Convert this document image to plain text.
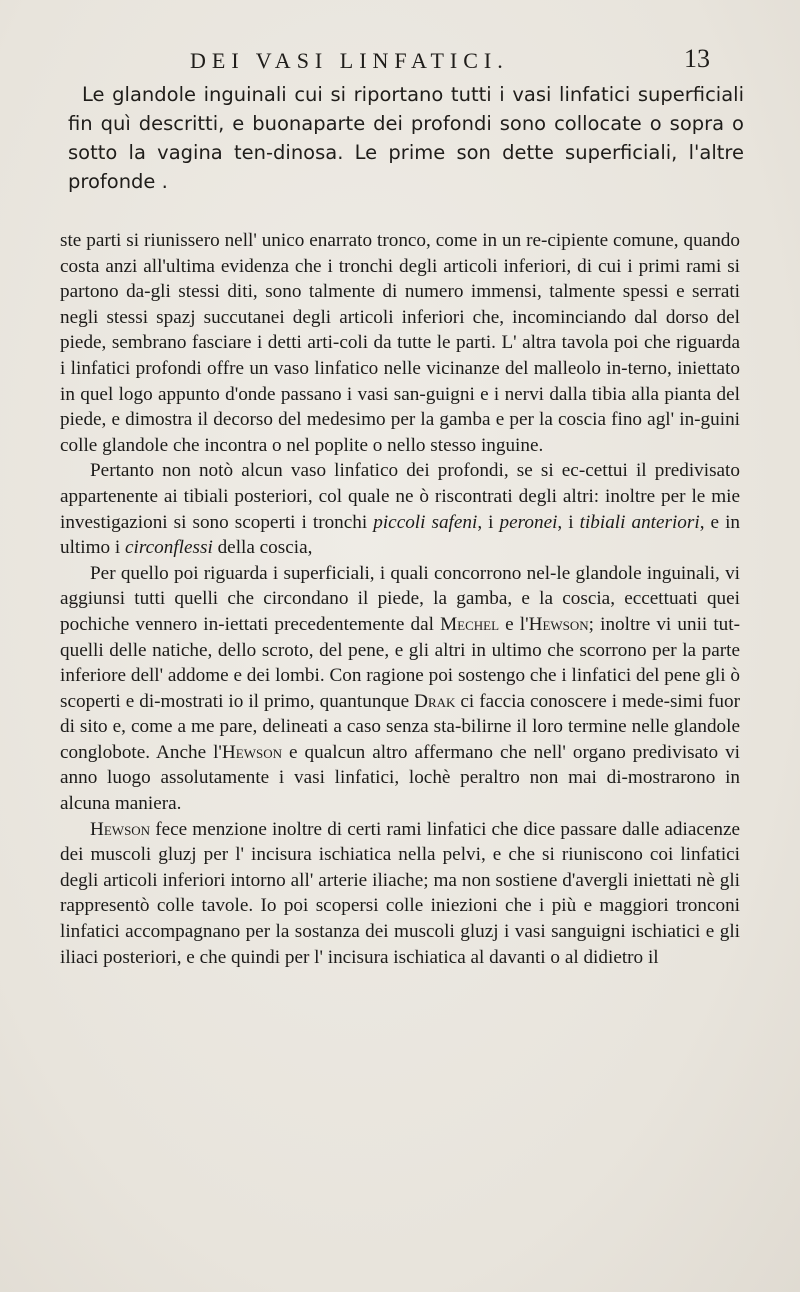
DEI VASI LINFATICI.	13

Le glandole inguinali cui si riportano tutti i vasi linfatici superficiali fin quì descritti, e buonaparte dei profondi sono collocate o sopra o sotto la vagina ten-dinosa. Le prime son dette superficiali, l'altre profonde .

ste parti si riunissero nell' unico enarrato tronco, come in un re-cipiente comune, quando costa anzi all'ultima evidenza che i tronchi degli articoli inferiori, di cui i primi rami si partono da-gli stessi diti, sono talmente di numero immensi, talmente spessi e serrati negli stessi spazj succutanei degli articoli inferiori che, incominciando dal dorso del piede, sembrano fasciare i detti arti-coli da tutte le parti. L' altra tavola poi che riguarda i linfatici profondi offre un vaso linfatico nelle vicinanze del malleolo in-terno, iniettato in quel logo appunto d'onde passano i vasi san-guigni e i nervi dalla tibia alla pianta del piede, e dimostra il decorso del medesimo per la gamba e per la coscia fino agl' in-guini colle glandole che incontra o nel poplite o nello stesso inguine.

Pertanto non notò alcun vaso linfatico dei profondi, se si ec-cettui il predivisato appartenente ai tibiali posteriori, col quale ne ò riscontrati degli altri: inoltre per le mie investigazioni si sono scoperti i tronchi piccoli safeni, i peronei, i tibiali anteriori, e in ultimo i circonflessi della coscia,

Per quello poi riguarda i superficiali, i quali concorrono nel-le glandole inguinali, vi aggiunsi tutti quelli che circondano il piede, la gamba, e la coscia, eccettuati quei pochiche vennero in-iettati precedentemente dal Mechel e l'Hewson; inoltre vi unii tut-quelli delle natiche, dello scroto, del pene, e gli altri in ultimo che scorrono per la parte inferiore dell' addome e dei lombi. Con ragione poi sostengo che i linfatici del pene gli ò scoperti e di-mostrati io il primo, quantunque Drak ci faccia conoscere i mede-simi fuor di sito e, come a me pare, delineati a caso senza sta-bilirne il loro termine nelle glandole conglobote. Anche l'Hewson e qualcun altro affermano che nell' organo predivisato vi anno luogo assolutamente i vasi linfatici, lochè peraltro non mai di-mostrarono in alcuna maniera.

Hewson fece menzione inoltre di certi rami linfatici che dice passare dalle adiacenze dei muscoli gluzj per l' incisura ischiatica nella pelvi, e che si riuniscono coi linfatici degli articoli inferiori intorno all' arterie iliache; ma non sostiene d'avergli iniettati nè gli rappresentò colle tavole. Io poi scopersi colle iniezioni che i più e maggiori tronconi linfatici accompagnano per la sostanza dei muscoli gluzj i vasi sanguigni ischiatici e gli iliaci posteriori, e che quindi per l' incisura ischiatica al davanti o al didietro il
